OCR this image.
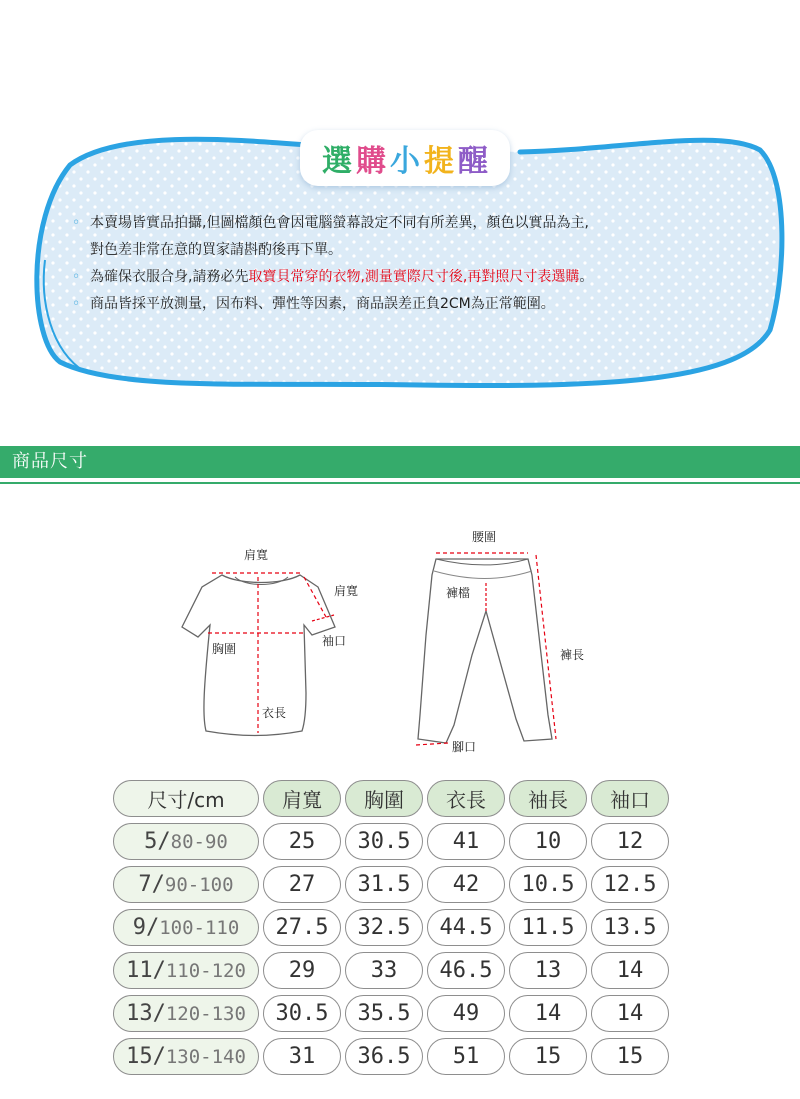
選 購 小 提 醒
◦ 本賣場皆實品拍攝,但圖檔顏色會因電腦螢幕設定不同有所差異，顏色以實品為主,
對色差非常在意的買家請斟酌後再下單。
◦ 為確保衣服合身,請務必先 取寶貝常穿的衣物,測量實際尺寸後,再對照尺寸表選購 。
◦ 商品皆採平放測量，因布料、彈性等因素，商品誤差正負2CM為正常範圍。
商品尺寸
肩寬
肩寬
袖口
胸圍
衣長
腰圍
褲檔
褲長
腳口
尺寸/cm	肩寬	胸圍	衣長	袖長	袖口
5/ 80-90	25	30.5	41	10	12
7/ 90-100	27	31.5	42	10.5	12.5
9/ 100-110	27.5	32.5	44.5	11.5	13.5
11/ 110-120	29	33	46.5	13	14
13/ 120-130	30.5	35.5	49	14	14
15/ 130-140	31	36.5	51	15	15
